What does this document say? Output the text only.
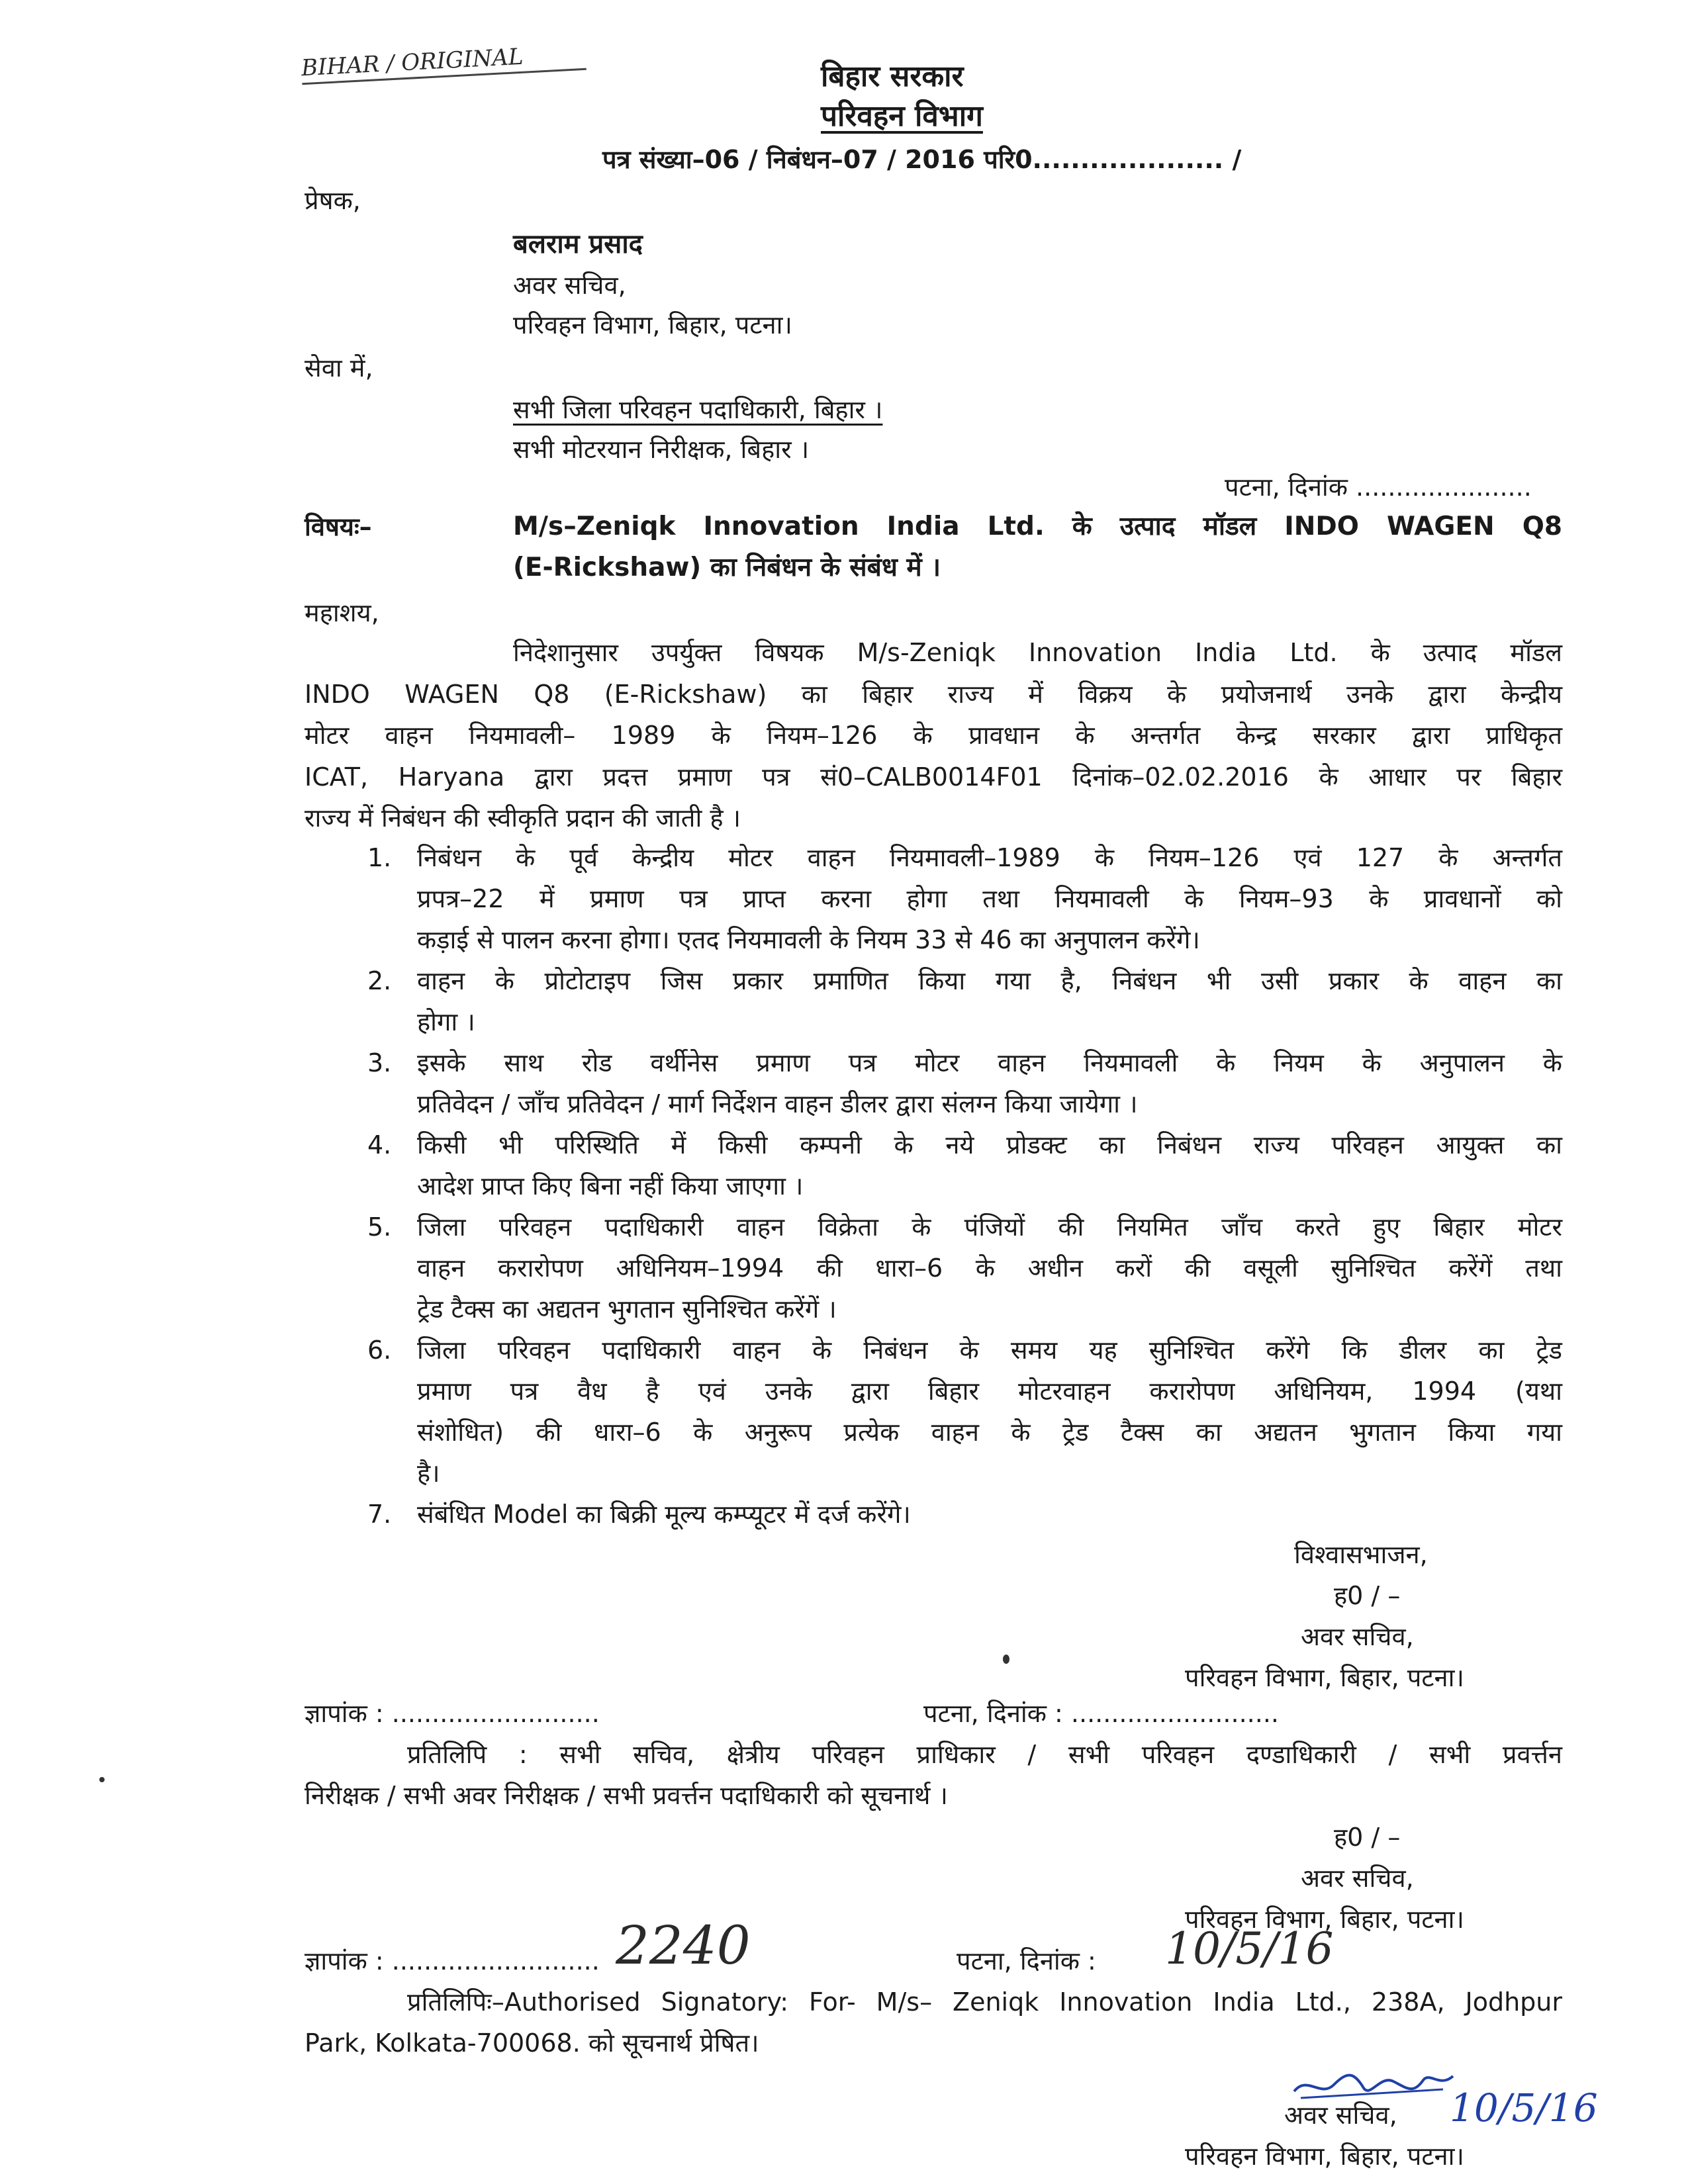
BIHAR / ORIGINAL	बिहार सरकार
परिवहन विभाग
पत्र संख्या–06 / निबंधन–07 / 2016 परि0.................... /
प्रेषक,
बलराम प्रसाद
अवर सचिव,
परिवहन विभाग, बिहार, पटना।
सेवा में,
सभी जिला परिवहन पदाधिकारी, बिहार ।
सभी मोटरयान निरीक्षक, बिहार ।
पटना, दिनांक ......................
विषयः–	M/s–Zeniqk Innovation India Ltd. के उत्पाद मॉडल INDO WAGEN Q8
(E-Rickshaw) का निबंधन के संबंध में ।
महाशय,
निदेशानुसार उपर्युक्त विषयक M/s-Zeniqk Innovation India Ltd. के उत्पाद मॉडल
INDO WAGEN Q8 (E-Rickshaw) का बिहार राज्य में विक्रय के प्रयोजनार्थ उनके द्वारा केन्द्रीय
मोटर वाहन नियमावली– 1989 के नियम–126 के प्रावधान के अन्तर्गत केन्द्र सरकार द्वारा प्राधिकृत
ICAT, Haryana द्वारा प्रदत्त प्रमाण पत्र सं0–CALB0014F01 दिनांक–02.02.2016 के आधार पर बिहार
राज्य में निबंधन की स्वीकृति प्रदान की जाती है ।
1. निबंधन के पूर्व केन्द्रीय मोटर वाहन नियमावली–1989 के नियम–126 एवं 127 के अन्तर्गत
प्रपत्र–22 में प्रमाण पत्र प्राप्त करना होगा तथा नियमावली के नियम–93 के प्रावधानों को
कड़ाई से पालन करना होगा। एतद नियमावली के नियम 33 से 46 का अनुपालन करेंगे।
2. वाहन के प्रोटोटाइप जिस प्रकार प्रमाणित किया गया है, निबंधन भी उसी प्रकार के वाहन का
होगा ।
3. इसके साथ रोड वर्थीनेस प्रमाण पत्र मोटर वाहन नियमावली के नियम के अनुपालन के
प्रतिवेदन / जाँच प्रतिवेदन / मार्ग निर्देशन वाहन डीलर द्वारा संलग्न किया जायेगा ।
4. किसी भी परिस्थिति में किसी कम्पनी के नये प्रोडक्ट का निबंधन राज्य परिवहन आयुक्त का
आदेश प्राप्त किए बिना नहीं किया जाएगा ।
5. जिला परिवहन पदाधिकारी वाहन विक्रेता के पंजियों की नियमित जाँच करते हुए बिहार मोटर
वाहन करारोपण अधिनियम–1994 की धारा–6 के अधीन करों की वसूली सुनिश्चित करेंगें तथा
ट्रेड टैक्स का अद्यतन भुगतान सुनिश्चित करेंगें ।
6. जिला परिवहन पदाधिकारी वाहन के निबंधन के समय यह सुनिश्चित करेंगे कि डीलर का ट्रेड
प्रमाण पत्र वैध है एवं उनके द्वारा बिहार मोटरवाहन करारोपण अधिनियम, 1994 (यथा
संशोधित) की धारा–6 के अनुरूप प्रत्येक वाहन के ट्रेड टैक्स का अद्यतन भुगतान किया गया
है।
7. संबंधित Model का बिक्री मूल्य कम्प्यूटर में दर्ज करेंगे।
विश्वासभाजन,
ह0 / –
अवर सचिव,
परिवहन विभाग, बिहार, पटना।
ज्ञापांक : ..........................	पटना, दिनांक : ..........................
प्रतिलिपि : सभी सचिव, क्षेत्रीय परिवहन प्राधिकार / सभी परिवहन दण्डाधिकारी / सभी प्रवर्त्तन
निरीक्षक / सभी अवर निरीक्षक / सभी प्रवर्त्तन पदाधिकारी को सूचनार्थ ।
ह0 / –
अवर सचिव,
परिवहन विभाग, बिहार, पटना।
ज्ञापांक : .......................... 2240	पटना, दिनांक : 10/5/16
प्रतिलिपिः–Authorised Signatory: For- M/s– Zeniqk Innovation India Ltd., 238A, Jodhpur
Park, Kolkata-700068. को सूचनार्थ प्रेषित।
अवर सचिव, 10/5/16
परिवहन विभाग, बिहार, पटना।
